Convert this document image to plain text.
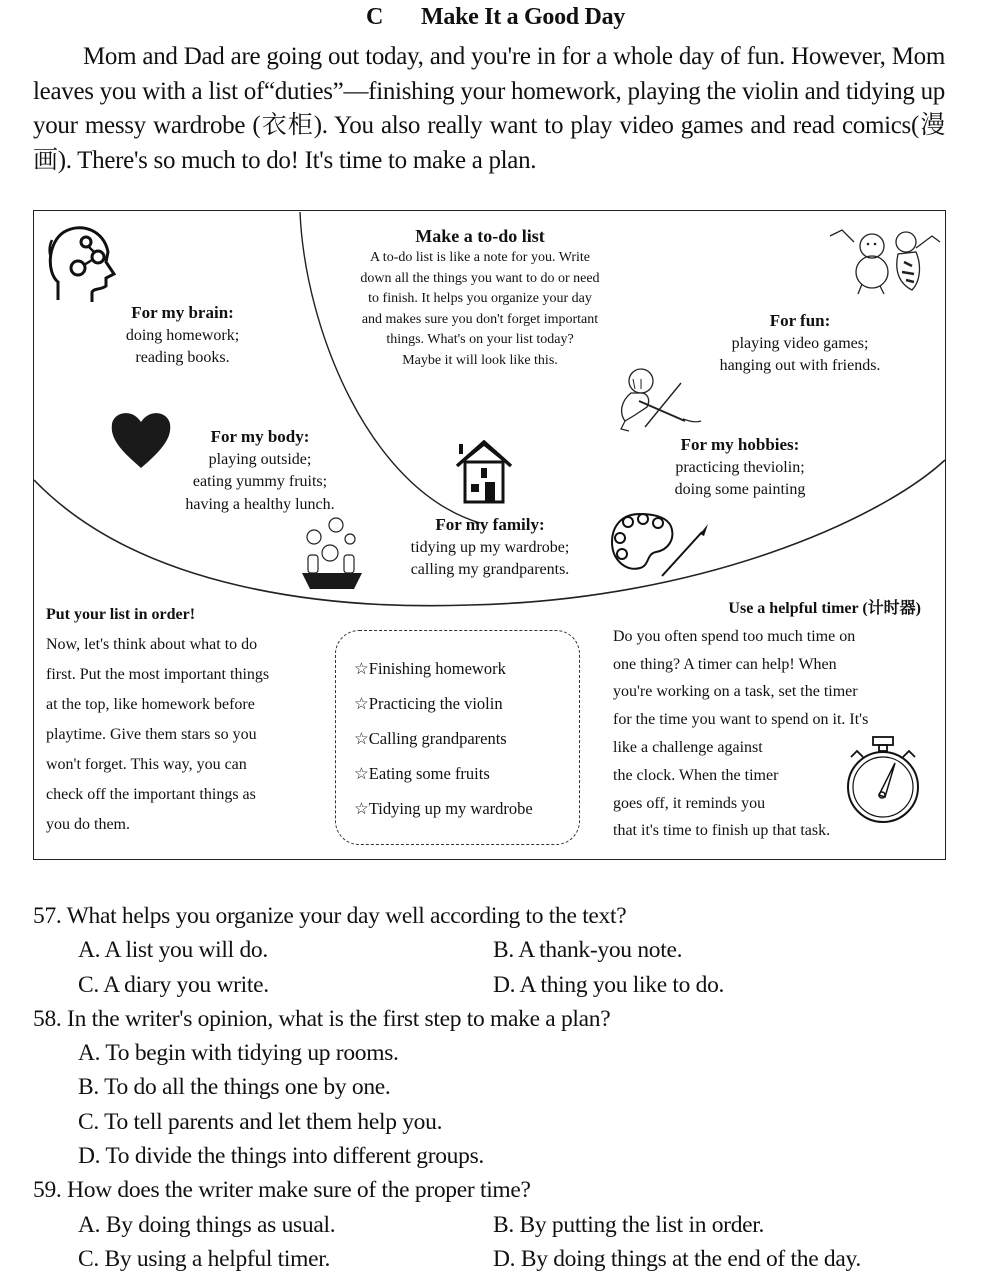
C Make It a Good Day

Mom and Dad are going out today, and you're in for a whole day of fun. However, Mom leaves you with a list of“duties”—finishing your homework, playing the violin and tidying up your messy wardrobe (衣柜). You also really want to play video games and read comics(漫画). There's so much to do! It's time to make a plan.

For my brain:
doing homework;
reading books.
Make a to-do list
A to-do list is like a note for you. Write
down all the things you want to do or need
to finish. It helps you organize your day
and makes sure you don't forget important
things. What's on your list today?
Maybe it will look like this.
For fun:
playing video games;
hanging out with friends.
For my body:
playing outside;
eating yummy fruits;
having a healthy lunch.
For my hobbies:
practicing theviolin;
doing some painting
For my family:
tidying up my wardrobe;
calling my grandparents.
Put your list in order!
Now, let's think about what to do
first. Put the most important things
at the top, like homework before
playtime. Give them stars so you
won't forget. This way, you can
check off the important things as
you do them.
☆Finishing homework
☆Practicing the violin
☆Calling grandparents
☆Eating some fruits
☆Tidying up my wardrobe
Use a helpful timer (计时器)
Do you often spend too much time on
one thing? A timer can help! When
you're working on a task, set the timer
for the time you want to spend on it. It's
like a challenge against
the clock. When the timer
goes off, it reminds you
that it's time to finish up that task.
57. What helps you organize your day well according to the text?
A. A list you will do.	B. A thank-you note.
C. A diary you write.	D. A thing you like to do.
58. In the writer's opinion, what is the first step to make a plan?
A. To begin with tidying up rooms.
B. To do all the things one by one.
C. To tell parents and let them help you.
D. To divide the things into different groups.
59. How does the writer make sure of the proper time?
A. By doing things as usual.	B. By putting the list in order.
C. By using a helpful timer.	D. By doing things at the end of the day.
